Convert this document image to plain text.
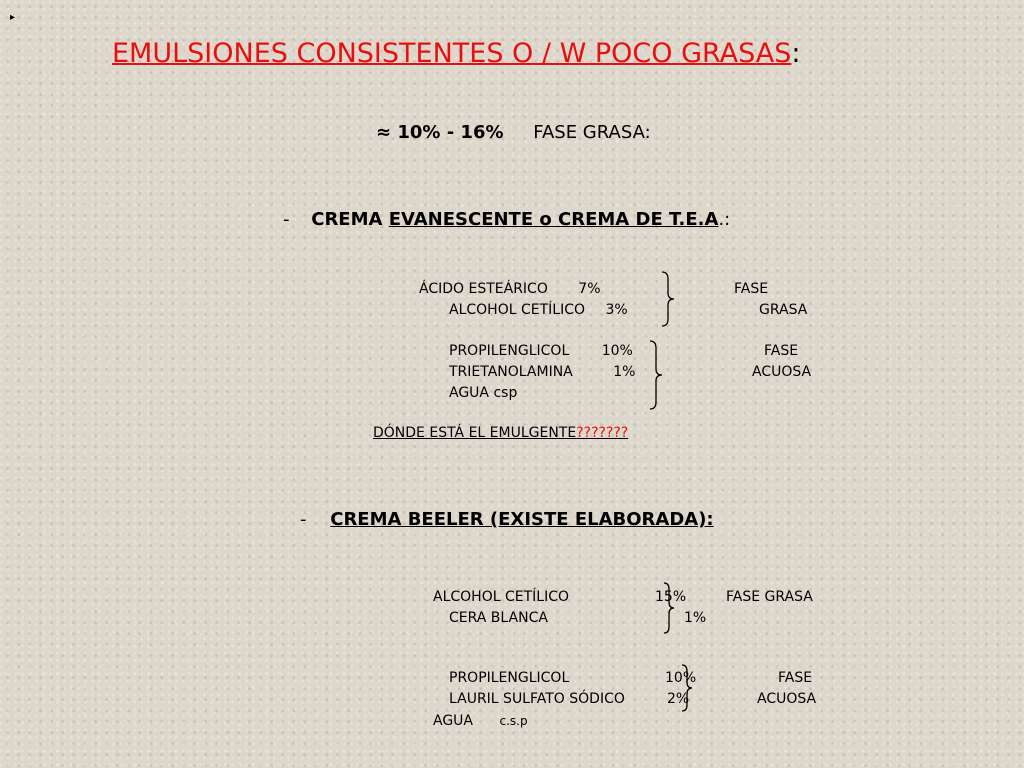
▸
EMULSIONES CONSISTENTES O / W POCO GRASAS:
≈ 10% - 16% FASE GRASA:
- CREMA EVANESCENTE o CREMA DE T.E.A.:
ÁCIDO ESTEÁRICO 7%
ALCOHOL CETÍLICO 3%
FASE
GRASA
PROPILENGLICOL 10%
TRIETANOLAMINA	1%
AGUA csp
FASE
ACUOSA
DÓNDE ESTÁ EL EMULGENTE???????
- CREMA BEELER (EXISTE ELABORADA):
ALCOHOL CETÍLICO	15%
CERA BLANCA	1%
FASE GRASA
PROPILENGLICOL	10%
LAURIL SULFATO SÓDICO	2%
AGUA c.s.p
FASE
ACUOSA
